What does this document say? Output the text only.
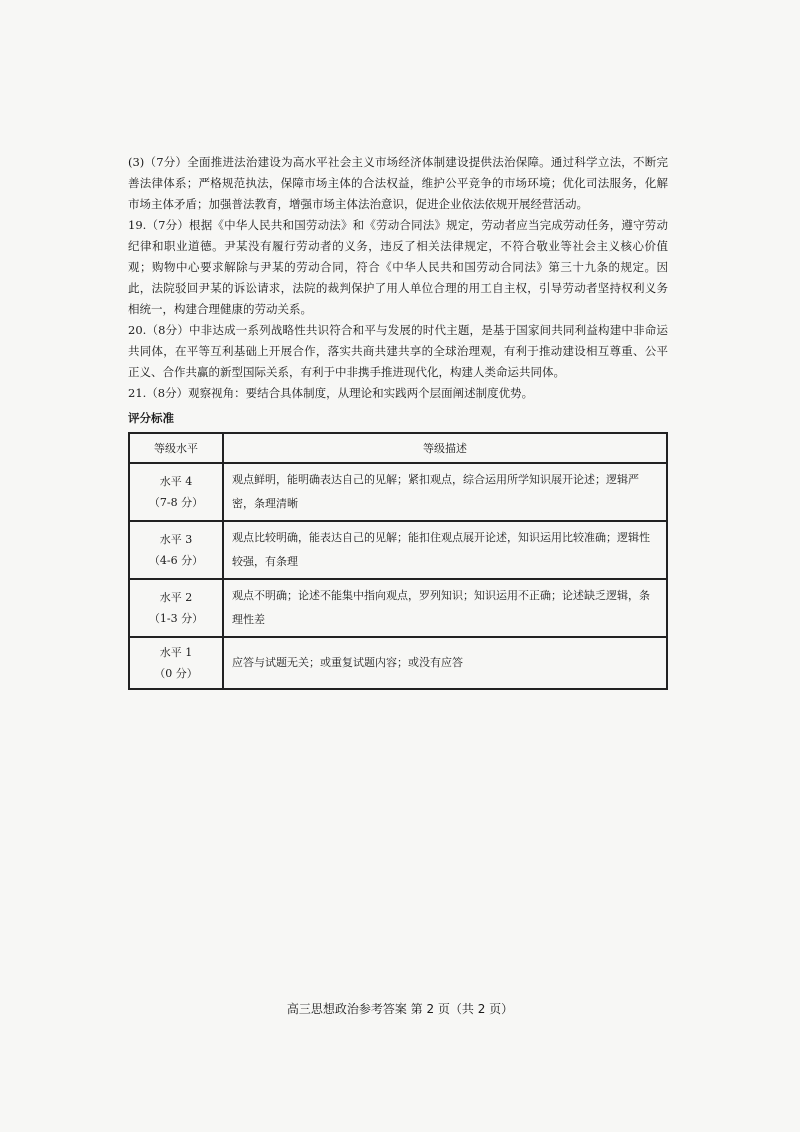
(3)（7分）全面推进法治建设为高水平社会主义市场经济体制建设提供法治保障。通过科学立法，不断完善法律体系；严格规范执法，保障市场主体的合法权益，维护公平竞争的市场环境；优化司法服务，化解市场主体矛盾；加强普法教育，增强市场主体法治意识，促进企业依法依规开展经营活动。

19.（7分）根据《中华人民共和国劳动法》和《劳动合同法》规定，劳动者应当完成劳动任务，遵守劳动纪律和职业道德。尹某没有履行劳动者的义务，违反了相关法律规定，不符合敬业等社会主义核心价值观；购物中心要求解除与尹某的劳动合同，符合《中华人民共和国劳动合同法》第三十九条的规定。因此，法院驳回尹某的诉讼请求，法院的裁判保护了用人单位合理的用工自主权，引导劳动者坚持权利义务相统一，构建合理健康的劳动关系。

20.（8分）中非达成一系列战略性共识符合和平与发展的时代主题，是基于国家间共同利益构建中非命运共同体，在平等互利基础上开展合作，落实共商共建共享的全球治理观，有利于推动建设相互尊重、公平正义、合作共赢的新型国际关系，有利于中非携手推进现代化，构建人类命运共同体。

21.（8分）观察视角：要结合具体制度，从理论和实践两个层面阐述制度优势。

评分标准
等级水平	等级描述

水平 4
（7-8 分）	观点鲜明，能明确表达自己的见解；紧扣观点，综合运用所学知识展开论述；逻辑严密，条理清晰

水平 3
（4-6 分）	观点比较明确，能表达自己的见解；能扣住观点展开论述，知识运用比较准确；逻辑性较强，有条理

水平 2
（1-3 分）	观点不明确；论述不能集中指向观点，罗列知识；知识运用不正确；论述缺乏逻辑，条理性差

水平 1
（0 分）	应答与试题无关；或重复试题内容；或没有应答
高三思想政治参考答案 第 2 页（共 2 页）
